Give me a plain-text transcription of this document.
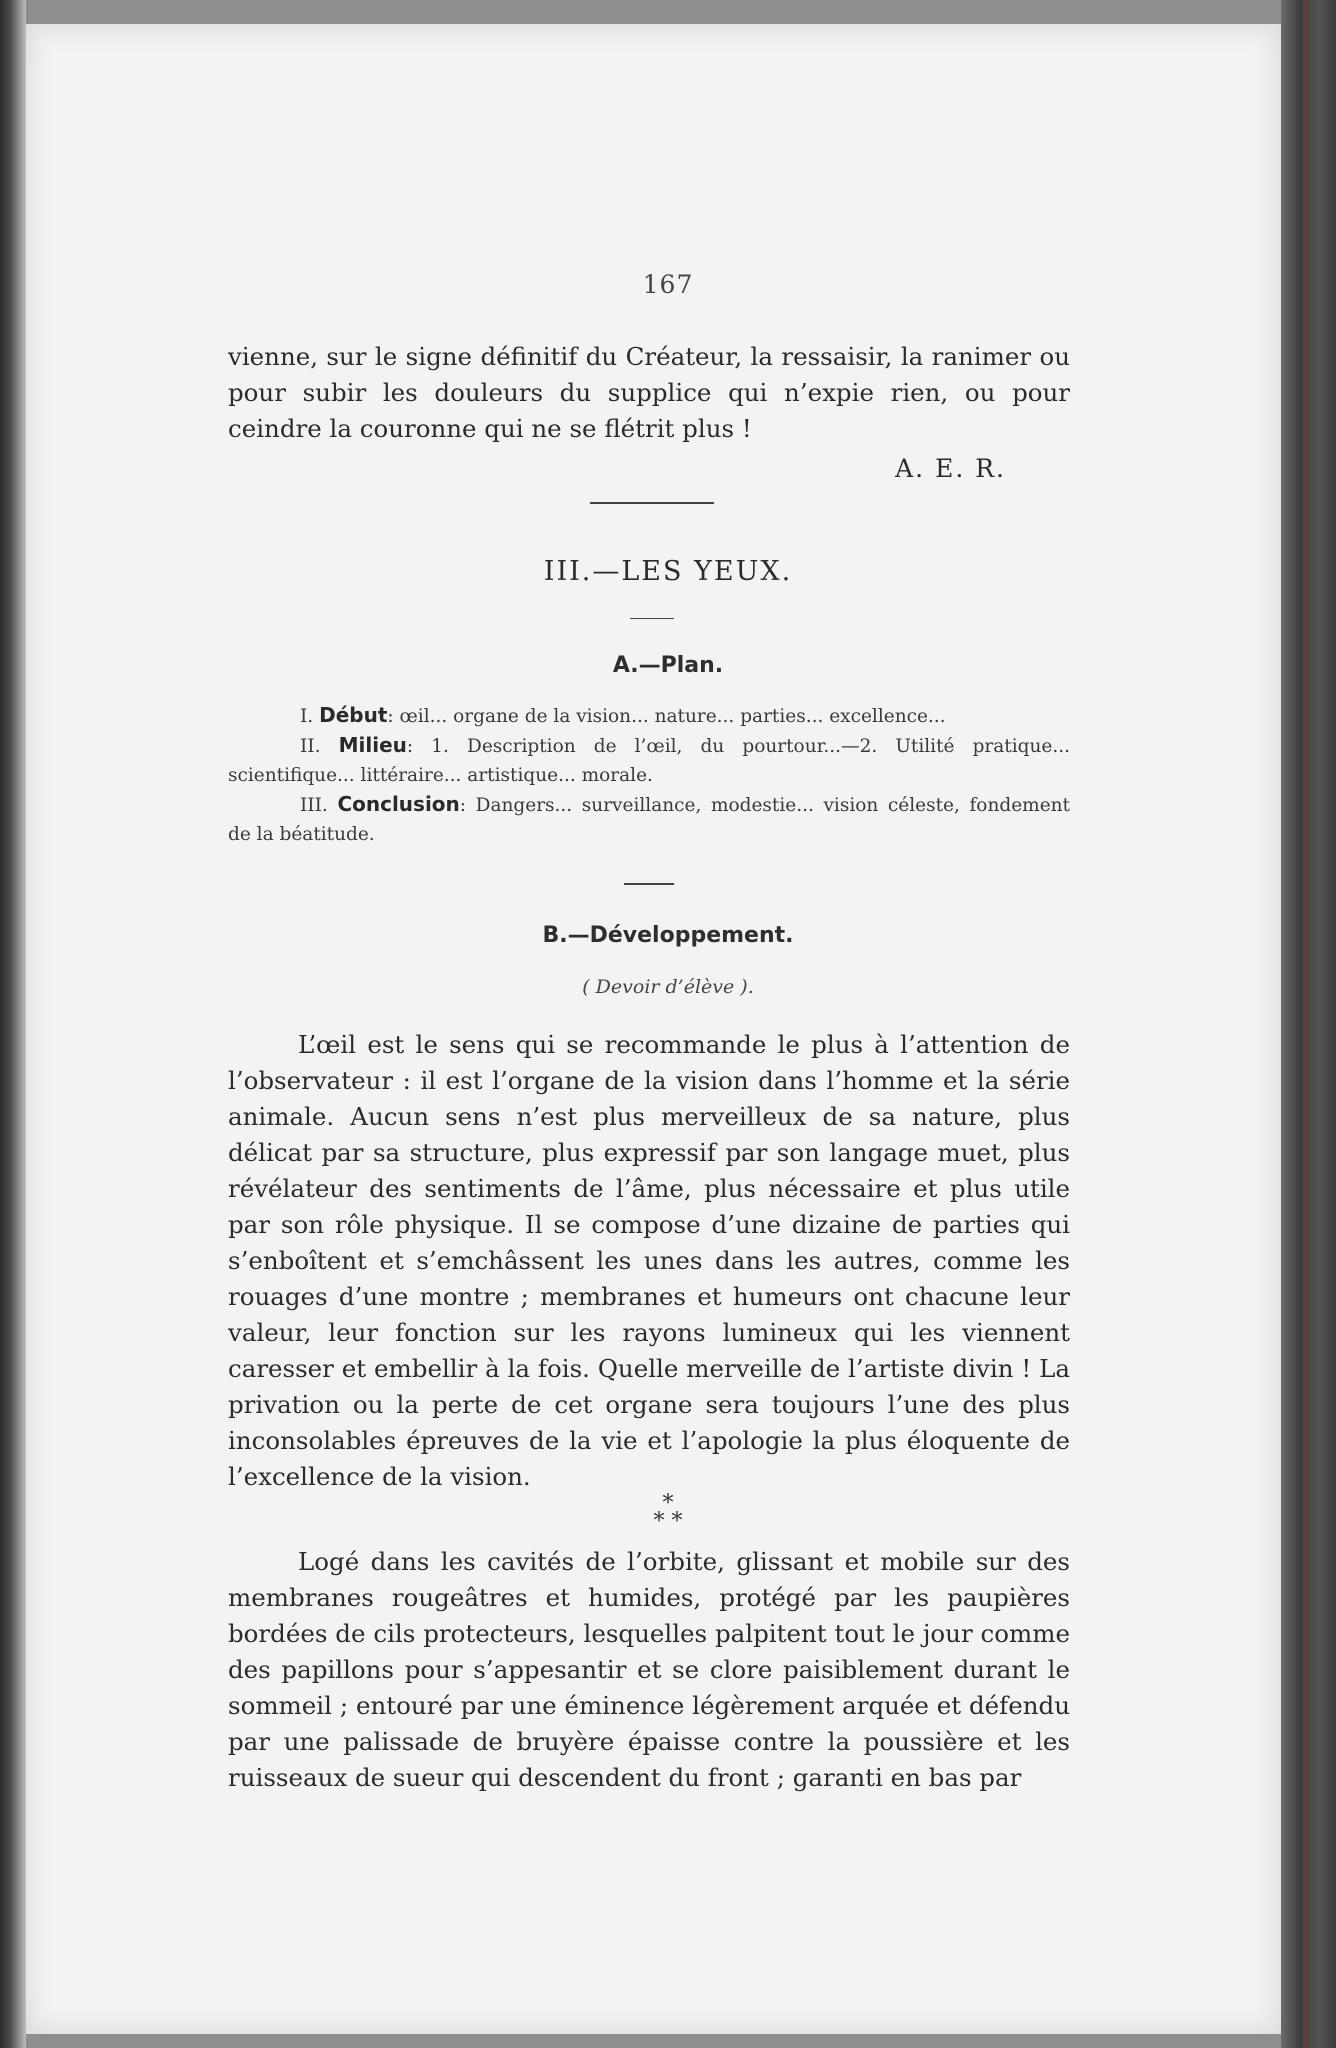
167

vienne, sur le signe définitif du Créateur, la ressaisir, la ranimer ou pour subir les douleurs du supplice qui n’expie rien, ou pour ceindre la couronne qui ne se flétrit plus !

A. E. R.
III.—LES YEUX.
A.—Plan.

I. Début: œil... organe de la vision... nature... parties... excellence...

II. Milieu: 1. Description de l’œil, du pourtour...—2. Utilité pratique... scientifique... littéraire... artistique... morale.

III. Conclusion: Dangers... surveillance, modestie... vision céleste, fondement de la béatitude.

B.—Développement.
( Devoir d’élève ).

L’œil est le sens qui se recommande le plus à l’attention de l’observateur : il est l’organe de la vision dans l’homme et la série animale. Aucun sens n’est plus merveilleux de sa nature, plus délicat par sa structure, plus expressif par son langage muet, plus révélateur des sentiments de l’âme, plus nécessaire et plus utile par son rôle physique. Il se compose d’une dizaine de parties qui s’enboîtent et s’emchâssent les unes dans les autres, comme les rouages d’une montre ; membranes et humeurs ont chacune leur valeur, leur fonction sur les rayons lumineux qui les viennent caresser et embellir à la fois. Quelle merveille de l’artiste divin ! La privation ou la perte de cet organe sera toujours l’une des plus inconsolables épreuves de la vie et l’apologie la plus éloquente de l’excellence de la vision.

*
* *

Logé dans les cavités de l’orbite, glissant et mobile sur des membranes rougeâtres et humides, protégé par les paupières bordées de cils protecteurs, lesquelles palpitent tout le jour comme des papillons pour s’appesantir et se clore paisiblement durant le sommeil ; entouré par une éminence légèrement arquée et défendu par une palissade de bruyère épaisse contre la poussière et les ruisseaux de sueur qui descendent du front ; garanti en bas par
